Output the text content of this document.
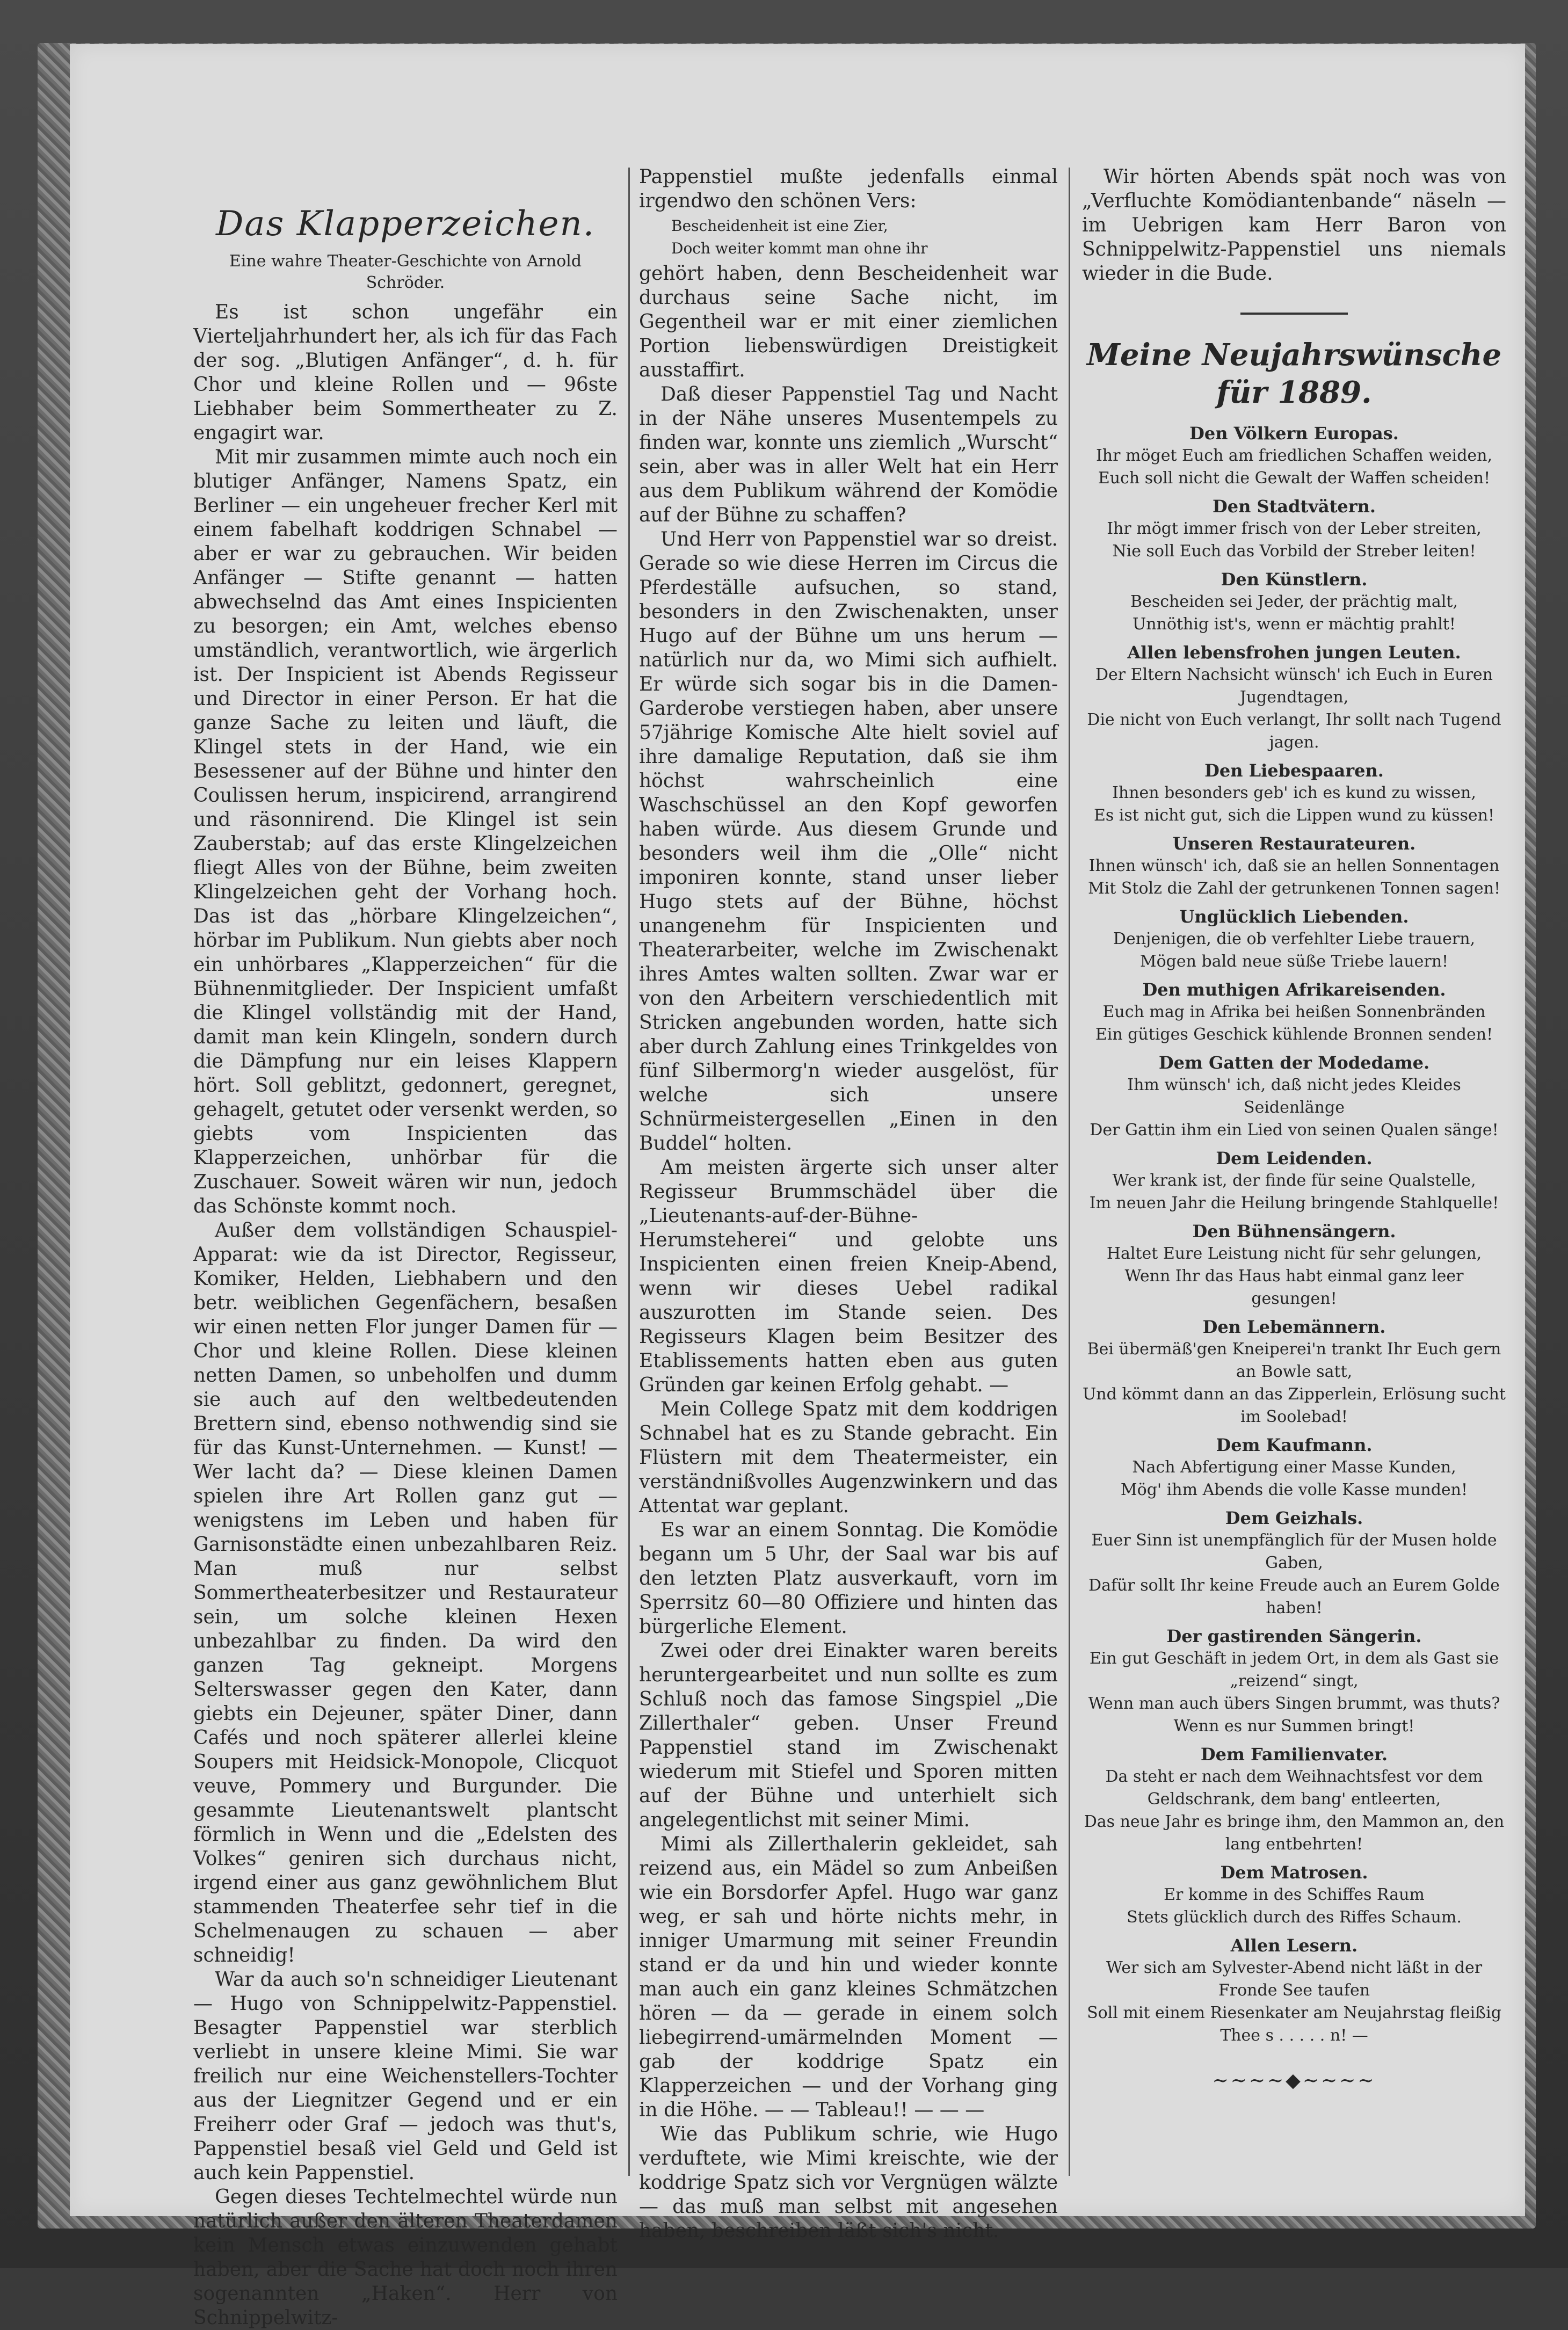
Das Klapperzeichen.
Eine wahre Theater-Geschichte von Arnold Schröder.

Es ist schon ungefähr ein Vierteljahrhundert her, als ich für das Fach der sog. „Blutigen Anfänger“, d. h. für Chor und kleine Rollen und — 96ste Liebhaber beim Sommertheater zu Z. engagirt war.

Mit mir zusammen mimte auch noch ein blutiger Anfänger, Namens Spatz, ein Berliner — ein ungeheuer frecher Kerl mit einem fabelhaft koddrigen Schnabel — aber er war zu gebrauchen. Wir beiden Anfänger — Stifte genannt — hatten abwechselnd das Amt eines Inspicienten zu besorgen; ein Amt, welches ebenso umständlich, verantwortlich, wie ärgerlich ist. Der Inspicient ist Abends Regisseur und Director in einer Person. Er hat die ganze Sache zu leiten und läuft, die Klingel stets in der Hand, wie ein Besessener auf der Bühne und hinter den Coulissen herum, inspicirend, arrangirend und räsonnirend. Die Klingel ist sein Zauberstab; auf das erste Klingelzeichen fliegt Alles von der Bühne, beim zweiten Klingelzeichen geht der Vorhang hoch. Das ist das „hörbare Klingelzeichen“, hörbar im Publikum. Nun giebts aber noch ein unhörbares „Klapperzeichen“ für die Bühnenmitglieder. Der Inspicient umfaßt die Klingel vollständig mit der Hand, damit man kein Klingeln, sondern durch die Dämpfung nur ein leises Klappern hört. Soll geblitzt, gedonnert, geregnet, gehagelt, getutet oder versenkt werden, so giebts vom Inspicienten das Klapperzeichen, unhörbar für die Zuschauer. Soweit wären wir nun, jedoch das Schönste kommt noch.

Außer dem vollständigen Schauspiel-Apparat: wie da ist Director, Regisseur, Komiker, Helden, Liebhabern und den betr. weiblichen Gegenfächern, besaßen wir einen netten Flor junger Damen für — Chor und kleine Rollen. Diese kleinen netten Damen, so unbeholfen und dumm sie auch auf den weltbedeutenden Brettern sind, ebenso nothwendig sind sie für das Kunst-Unternehmen. — Kunst! — Wer lacht da? — Diese kleinen Damen spielen ihre Art Rollen ganz gut — wenigstens im Leben und haben für Garnisonstädte einen unbezahlbaren Reiz. Man muß nur selbst Sommertheaterbesitzer und Restaurateur sein, um solche kleinen Hexen unbezahlbar zu finden. Da wird den ganzen Tag gekneipt. Morgens Selterswasser gegen den Kater, dann giebts ein Dejeuner, später Diner, dann Cafés und noch späterer allerlei kleine Soupers mit Heidsick-Monopole, Clicquot veuve, Pommery und Burgunder. Die gesammte Lieutenantswelt plantscht förmlich in Wenn und die „Edelsten des Volkes“ geniren sich durchaus nicht, irgend einer aus ganz gewöhnlichem Blut stammenden Theaterfee sehr tief in die Schelmenaugen zu schauen — aber schneidig!

War da auch so'n schneidiger Lieutenant — Hugo von Schnippelwitz-Pappenstiel. Besagter Pappenstiel war sterblich verliebt in unsere kleine Mimi. Sie war freilich nur eine Weichenstellers-Tochter aus der Liegnitzer Gegend und er ein Freiherr oder Graf — jedoch was thut's, Pappenstiel besaß viel Geld und Geld ist auch kein Pappenstiel.

Gegen dieses Techtelmechtel würde nun natürlich außer den älteren Theaterdamen kein Mensch etwas einzuwenden gehabt haben, aber die Sache hat doch noch ihren sogenannten „Haken“. Herr von Schnippelwitz-

Pappenstiel mußte jedenfalls einmal irgendwo den schönen Vers:

Bescheidenheit ist eine Zier,
Doch weiter kommt man ohne ihr

gehört haben, denn Bescheidenheit war durchaus seine Sache nicht, im Gegentheil war er mit einer ziemlichen Portion liebenswürdigen Dreistigkeit ausstaffirt.

Daß dieser Pappenstiel Tag und Nacht in der Nähe unseres Musentempels zu finden war, konnte uns ziemlich „Wurscht“ sein, aber was in aller Welt hat ein Herr aus dem Publikum während der Komödie auf der Bühne zu schaffen?

Und Herr von Pappenstiel war so dreist. Gerade so wie diese Herren im Circus die Pferdeställe aufsuchen, so stand, besonders in den Zwischenakten, unser Hugo auf der Bühne um uns herum — natürlich nur da, wo Mimi sich aufhielt. Er würde sich sogar bis in die Damen-Garderobe verstiegen haben, aber unsere 57jährige Komische Alte hielt soviel auf ihre damalige Reputation, daß sie ihm höchst wahrscheinlich eine Waschschüssel an den Kopf geworfen haben würde. Aus diesem Grunde und besonders weil ihm die „Olle“ nicht imponiren konnte, stand unser lieber Hugo stets auf der Bühne, höchst unangenehm für Inspicienten und Theaterarbeiter, welche im Zwischenakt ihres Amtes walten sollten. Zwar war er von den Arbeitern verschiedentlich mit Stricken angebunden worden, hatte sich aber durch Zahlung eines Trinkgeldes von fünf Silbermorg'n wieder ausgelöst, für welche sich unsere Schnürmeistergesellen „Einen in den Buddel“ holten.

Am meisten ärgerte sich unser alter Regisseur Brummschädel über die „Lieutenants-auf-der-Bühne-Herumsteherei“ und gelobte uns Inspicienten einen freien Kneip-Abend, wenn wir dieses Uebel radikal auszurotten im Stande seien. Des Regisseurs Klagen beim Besitzer des Etablissements hatten eben aus guten Gründen gar keinen Erfolg gehabt. —

Mein College Spatz mit dem koddrigen Schnabel hat es zu Stande gebracht. Ein Flüstern mit dem Theatermeister, ein verständnißvolles Augenzwinkern und das Attentat war geplant.

Es war an einem Sonntag. Die Komödie begann um 5 Uhr, der Saal war bis auf den letzten Platz ausverkauft, vorn im Sperrsitz 60—80 Offiziere und hinten das bürgerliche Element.

Zwei oder drei Einakter waren bereits heruntergearbeitet und nun sollte es zum Schluß noch das famose Singspiel „Die Zillerthaler“ geben. Unser Freund Pappenstiel stand im Zwischenakt wiederum mit Stiefel und Sporen mitten auf der Bühne und unterhielt sich angelegentlichst mit seiner Mimi.

Mimi als Zillerthalerin gekleidet, sah reizend aus, ein Mädel so zum Anbeißen wie ein Borsdorfer Apfel. Hugo war ganz weg, er sah und hörte nichts mehr, in inniger Umarmung mit seiner Freundin stand er da und hin und wieder konnte man auch ein ganz kleines Schmätzchen hören — da — gerade in einem solch liebegirrend-umärmelnden Moment — gab der koddrige Spatz ein Klapperzeichen — und der Vorhang ging in die Höhe. — — Tableau!! — — —

Wie das Publikum schrie, wie Hugo verduftete, wie Mimi kreischte, wie der koddrige Spatz sich vor Vergnügen wälzte — das muß man selbst mit angesehen haben, beschreiben läßt sich's nicht.

Wir hörten Abends spät noch was von „Verfluchte Komödiantenbande“ näseln — im Uebrigen kam Herr Baron von Schnippelwitz-Pappenstiel uns niemals wieder in die Bude.

Meine Neujahrswünsche für 1889.
Den Völkern Europas.
Ihr möget Euch am friedlichen Schaffen weiden,
Euch soll nicht die Gewalt der Waffen scheiden!
Den Stadtvätern.
Ihr mögt immer frisch von der Leber streiten,
Nie soll Euch das Vorbild der Streber leiten!
Den Künstlern.
Bescheiden sei Jeder, der prächtig malt,
Unnöthig ist's, wenn er mächtig prahlt!
Allen lebensfrohen jungen Leuten.
Der Eltern Nachsicht wünsch' ich Euch in Euren Jugendtagen,
Die nicht von Euch verlangt, Ihr sollt nach Tugend jagen.
Den Liebespaaren.
Ihnen besonders geb' ich es kund zu wissen,
Es ist nicht gut, sich die Lippen wund zu küssen!
Unseren Restaurateuren.
Ihnen wünsch' ich, daß sie an hellen Sonnentagen
Mit Stolz die Zahl der getrunkenen Tonnen sagen!
Unglücklich Liebenden.
Denjenigen, die ob verfehlter Liebe trauern,
Mögen bald neue süße Triebe lauern!
Den muthigen Afrikareisenden.
Euch mag in Afrika bei heißen Sonnenbränden
Ein gütiges Geschick kühlende Bronnen senden!
Dem Gatten der Modedame.
Ihm wünsch' ich, daß nicht jedes Kleides Seidenlänge
Der Gattin ihm ein Lied von seinen Qualen sänge!
Dem Leidenden.
Wer krank ist, der finde für seine Qualstelle,
Im neuen Jahr die Heilung bringende Stahlquelle!
Den Bühnensängern.
Haltet Eure Leistung nicht für sehr gelungen,
Wenn Ihr das Haus habt einmal ganz leer gesungen!
Den Lebemännern.
Bei übermäß'gen Kneiperei'n trankt Ihr Euch gern an Bowle satt,
Und kömmt dann an das Zipperlein, Erlösung sucht im Soolebad!
Dem Kaufmann.
Nach Abfertigung einer Masse Kunden,
Mög' ihm Abends die volle Kasse munden!
Dem Geizhals.
Euer Sinn ist unempfänglich für der Musen holde Gaben,
Dafür sollt Ihr keine Freude auch an Eurem Golde haben!
Der gastirenden Sängerin.
Ein gut Geschäft in jedem Ort, in dem als Gast sie „reizend“ singt,
Wenn man auch übers Singen brummt, was thuts? Wenn es nur Summen bringt!
Dem Familienvater.
Da steht er nach dem Weihnachtsfest vor dem Geldschrank, dem bang' entleerten,
Das neue Jahr es bringe ihm, den Mammon an, den lang entbehrten!
Dem Matrosen.
Er komme in des Schiffes Raum
Stets glücklich durch des Riffes Schaum.
Allen Lesern.
Wer sich am Sylvester-Abend nicht läßt in der Fronde See taufen
Soll mit einem Riesenkater am Neujahrstag fleißig
Thee s . . . . . n! —
~~~~◆~~~~
